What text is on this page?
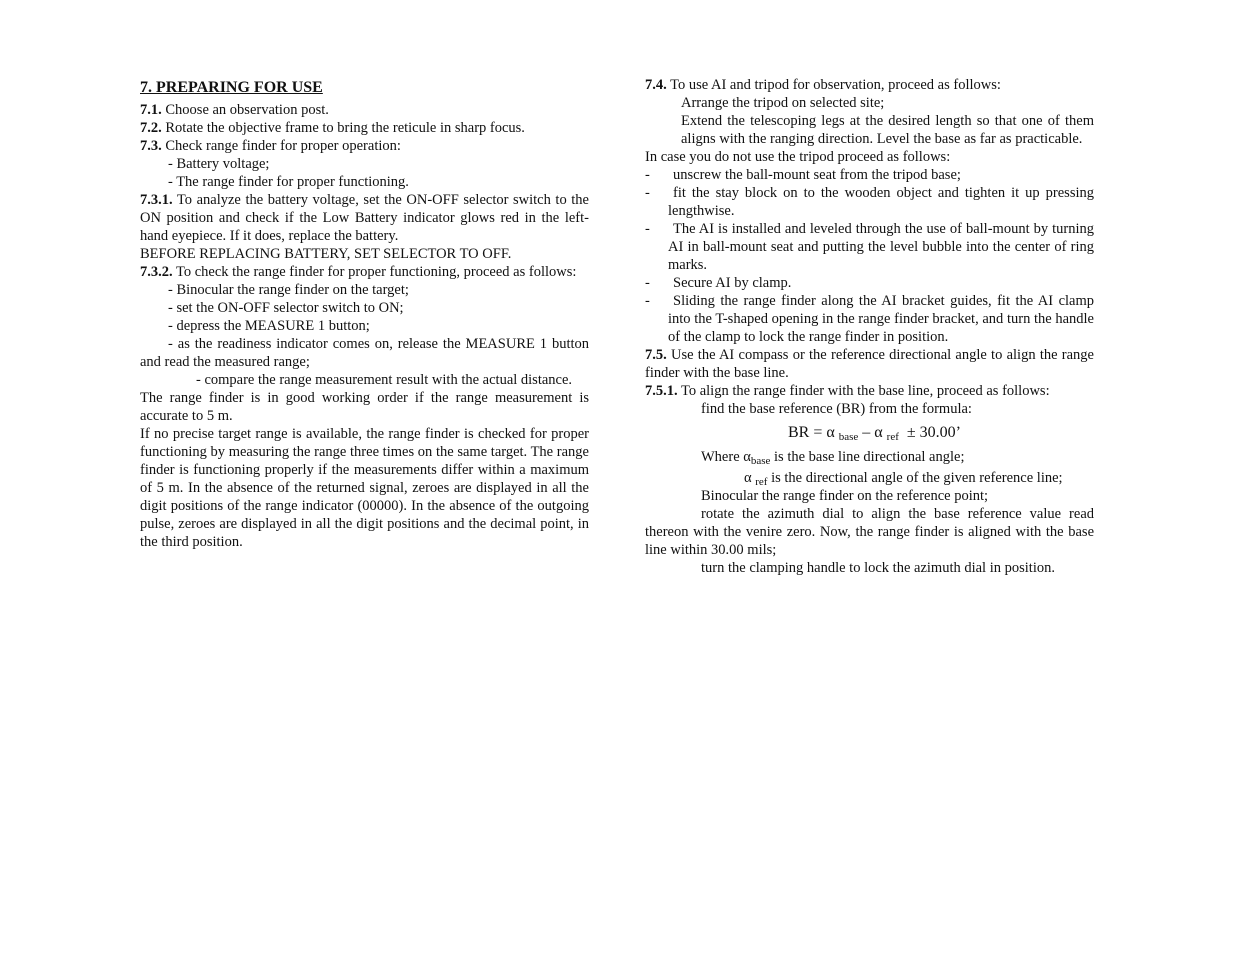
7. PREPARING FOR USE

7.1. Choose an observation post.

7.2. Rotate the objective frame to bring the reticule in sharp focus.

7.3. Check range finder for proper operation:

- Battery voltage;

- The range finder for proper functioning.

7.3.1. To analyze the battery voltage, set the ON-OFF selector switch to the ON position and check if the Low Battery indicator glows red in the left-hand eyepiece. If it does, replace the battery.

BEFORE REPLACING BATTERY, SET SELECTOR TO OFF.

7.3.2. To check the range finder for proper functioning, proceed as follows:

- Binocular the range finder on the target;

- set the ON-OFF selector switch to ON;

- depress the MEASURE 1 button;

- as the readiness indicator comes on, release the MEASURE 1 button and read the measured range;

- compare the range measurement result with the actual distance.

The range finder is in good working order if the range measurement is accurate to 5 m.

If no precise target range is available, the range finder is checked for proper functioning by measuring the range three times on the same target. The range finder is functioning properly if the measurements differ within a maximum of 5 m. In the absence of the returned signal, zeroes are displayed in all the digit positions of the range indicator (00000). In the absence of the outgoing pulse, zeroes are displayed in all the digit positions and the decimal point, in the third position.

7.4. To use AI and tripod for observation, proceed as follows:

Arrange the tripod on selected site;

Extend the telescoping legs at the desired length so that one of them aligns with the ranging direction. Level the base as far as practicable.

In case you do not use the tripod proceed as follows:

-	unscrew the ball-mount seat from the tripod base;
-	fit the stay block on to the wooden object and tighten it up pressing lengthwise.
-	The AI is installed and leveled through the use of ball-mount by turning AI in ball-mount seat and putting the level bubble into the center of ring marks.
-	Secure AI by clamp.
-	Sliding the range finder along the AI bracket guides, fit the AI clamp into the T-shaped opening in the range finder bracket, and turn the handle of the clamp to lock the range finder in position.

7.5. Use the AI compass or the reference directional angle to align the range finder with the base line.

7.5.1. To align the range finder with the base line, proceed as follows:

find the base reference (BR) from the formula:

BR = α $_{base}$ – α $_{ref}$  ± 30.00’

Where $\alpha_{base}$ is the base line directional angle;

α $_{ref}$ is the directional angle of the given reference line;

Binocular the range finder on the reference point;

rotate the azimuth dial to align the base reference value read thereon with the venire zero. Now, the range finder is aligned with the base line within 30.00 mils;

turn the clamping handle to lock the azimuth dial in position.
